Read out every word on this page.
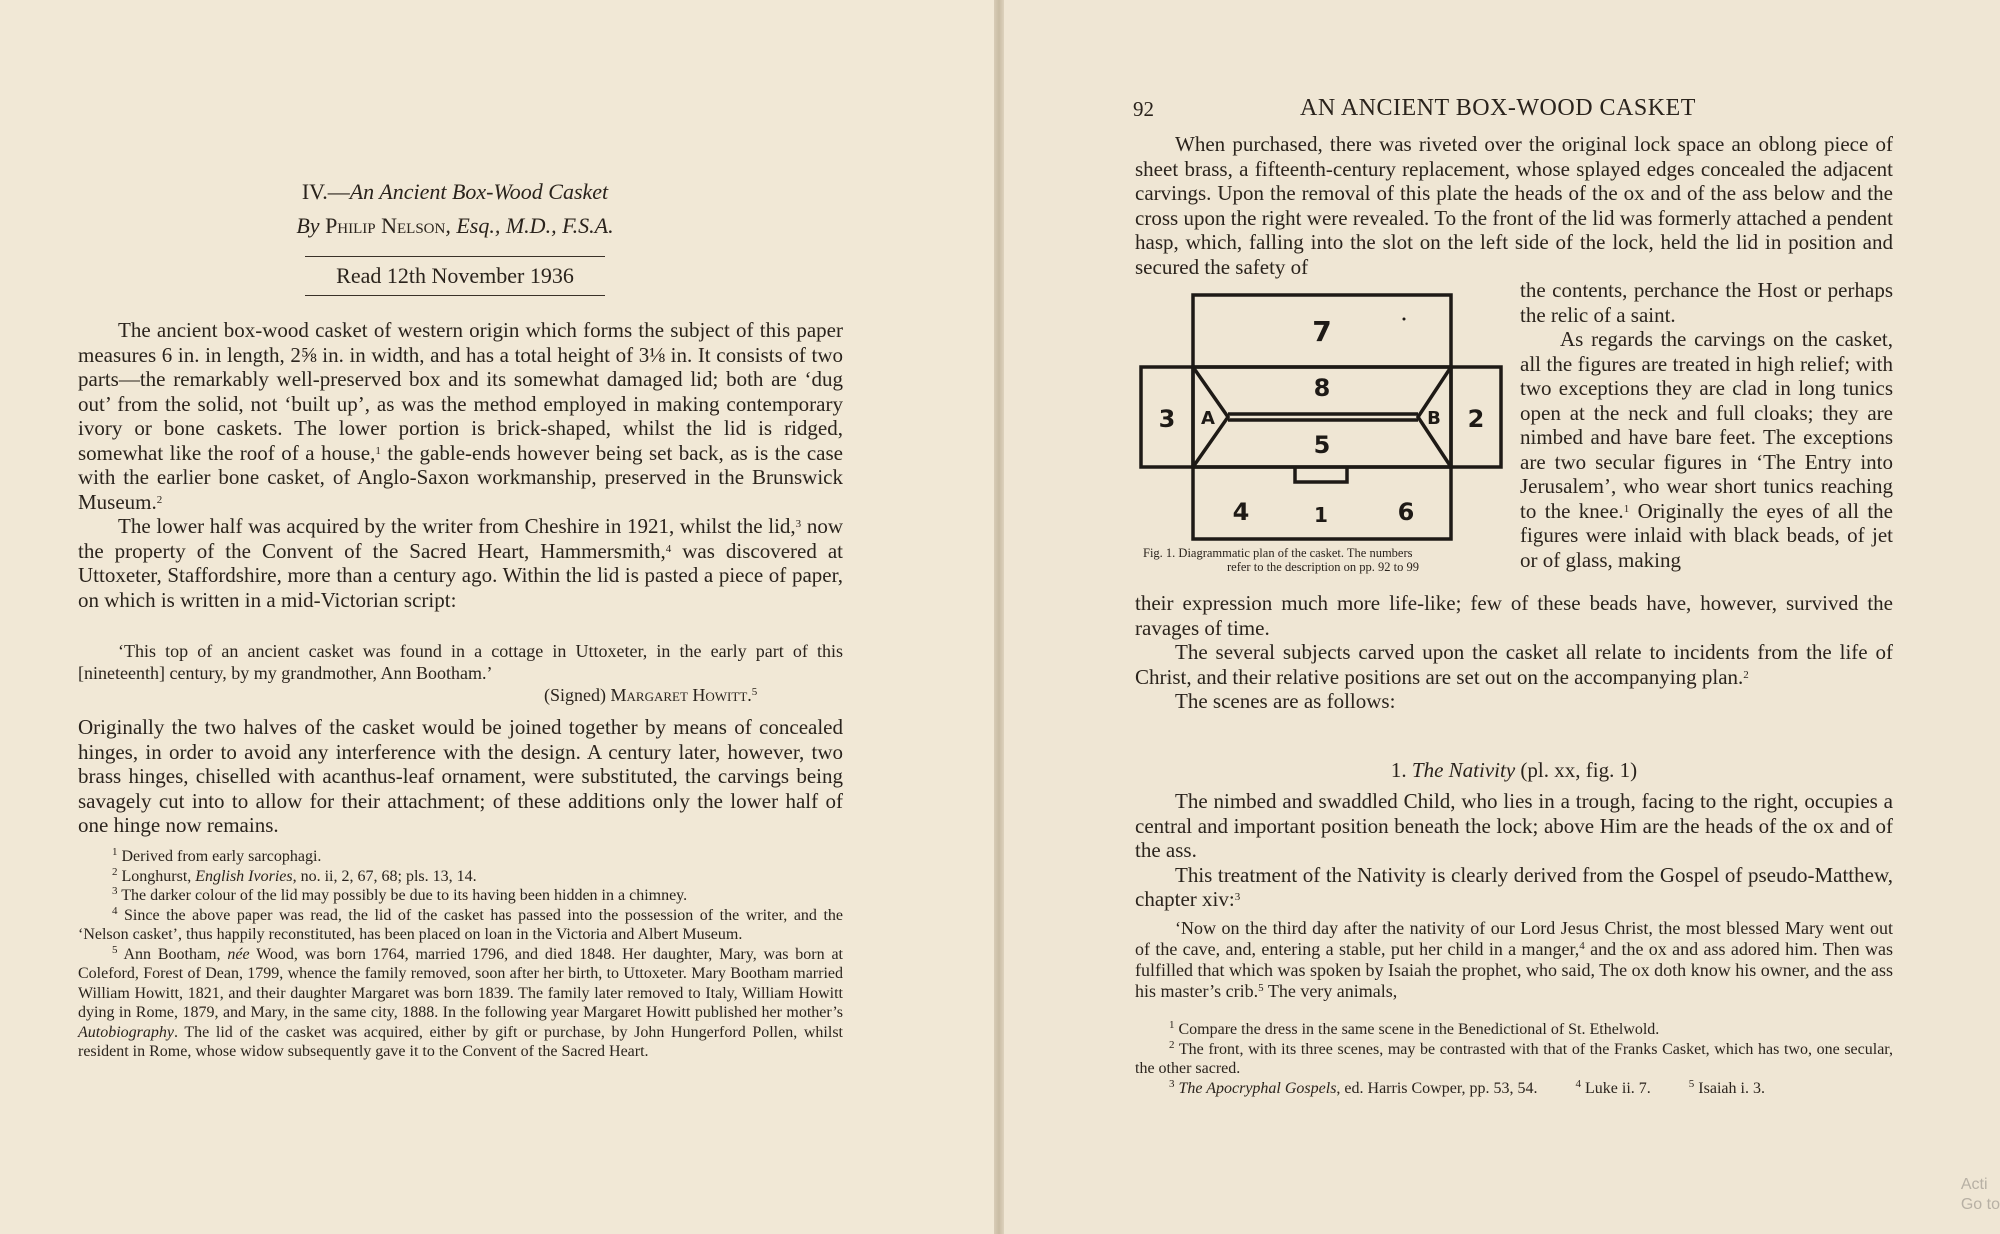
IV.—An Ancient Box-Wood Casket
By Philip Nelson, Esq., M.D., F.S.A.
Read 12th November 1936

The ancient box-wood casket of western origin which forms the subject of this paper measures 6 in. in length, 2⅝ in. in width, and has a total height of 3⅛ in. It consists of two parts—the remarkably well-preserved box and its somewhat damaged lid; both are ‘dug out’ from the solid, not ‘built up’, as was the method employed in making contemporary ivory or bone caskets. The lower portion is brick-shaped, whilst the lid is ridged, somewhat like the roof of a house,$^1$ the gable-ends however being set back, as is the case with the earlier bone casket, of Anglo-Saxon workmanship, preserved in the Brunswick Museum.$^2$

The lower half was acquired by the writer from Cheshire in 1921, whilst the lid,$^3$ now the property of the Convent of the Sacred Heart, Hammersmith,$^4$ was discovered at Uttoxeter, Staffordshire, more than a century ago. Within the lid is pasted a piece of paper, on which is written in a mid-Victorian script:

‘This top of an ancient casket was found in a cottage in Uttoxeter, in the early part of this [nineteenth] century, by my grandmother, Ann Bootham.’

(Signed) Margaret Howitt.$^5$

Originally the two halves of the casket would be joined together by means of concealed hinges, in order to avoid any interference with the design. A century later, however, two brass hinges, chiselled with acanthus-leaf ornament, were substituted, the carvings being savagely cut into to allow for their attachment; of these additions only the lower half of one hinge now remains.

$^1$ Derived from early sarcophagi.

$^2$ Longhurst, English Ivories, no. ii, 2, 67, 68; pls. 13, 14.

$^3$ The darker colour of the lid may possibly be due to its having been hidden in a chimney.

$^4$ Since the above paper was read, the lid of the casket has passed into the possession of the writer, and the ‘Nelson casket’, thus happily reconstituted, has been placed on loan in the Victoria and Albert Museum.

$^5$ Ann Bootham, née Wood, was born 1764, married 1796, and died 1848. Her daughter, Mary, was born at Coleford, Forest of Dean, 1799, whence the family removed, soon after her birth, to Uttoxeter. Mary Bootham married William Howitt, 1821, and their daughter Margaret was born 1839. The family later removed to Italy, William Howitt dying in Rome, 1879, and Mary, in the same city, 1888. In the following year Margaret Howitt published her mother’s Autobiography. The lid of the casket was acquired, either by gift or purchase, by John Hungerford Pollen, whilst resident in Rome, whose widow subsequently gave it to the Convent of the Sacred Heart.

92	AN ANCIENT BOX-WOOD CASKET

When purchased, there was riveted over the original lock space an oblong piece of sheet brass, a fifteenth-century replacement, whose splayed edges concealed the adjacent carvings. Upon the removal of this plate the heads of the ox and of the ass below and the cross upon the right were revealed. To the front of the lid was formerly attached a pendent hasp, which, falling into the slot on the left side of the lock, held the lid in position and secured the safety of

7
8
5
3	2
A	B
4	1	6
Fig. 1. Diagrammatic plan of the casket. The numbers
refer to the description on pp. 92 to 99

the contents, perchance the Host or perhaps the relic of a saint.

As regards the carvings on the casket, all the figures are treated in high relief; with two exceptions they are clad in long tunics open at the neck and full cloaks; they are nimbed and have bare feet. The exceptions are two secular figures in ‘The Entry into Jerusalem’, who wear short tunics reaching to the knee.$^1$ Originally the eyes of all the figures were inlaid with black beads, of jet or of glass, making

their expression much more life-like; few of these beads have, however, survived the ravages of time.

The several subjects carved upon the casket all relate to incidents from the life of Christ, and their relative positions are set out on the accompanying plan.$^2$

The scenes are as follows:

1. The Nativity (pl. xx, fig. 1)

The nimbed and swaddled Child, who lies in a trough, facing to the right, occupies a central and important position beneath the lock; above Him are the heads of the ox and of the ass.

This treatment of the Nativity is clearly derived from the Gospel of pseudo-Matthew, chapter xiv:$^3$

‘Now on the third day after the nativity of our Lord Jesus Christ, the most blessed Mary went out of the cave, and, entering a stable, put her child in a manger,$^4$ and the ox and ass adored him. Then was fulfilled that which was spoken by Isaiah the prophet, who said, The ox doth know his owner, and the ass his master’s crib.$^5$ The very animals,

$^1$ Compare the dress in the same scene in the Benedictional of St. Ethelwold.

$^2$ The front, with its three scenes, may be contrasted with that of the Franks Casket, which has two, one secular, the other sacred.

$^3$ The Apocryphal Gospels, ed. Harris Cowper, pp. 53, 54.	$^4$ Luke ii. 7.	$^5$ Isaiah i. 3.

Acti
Go to
